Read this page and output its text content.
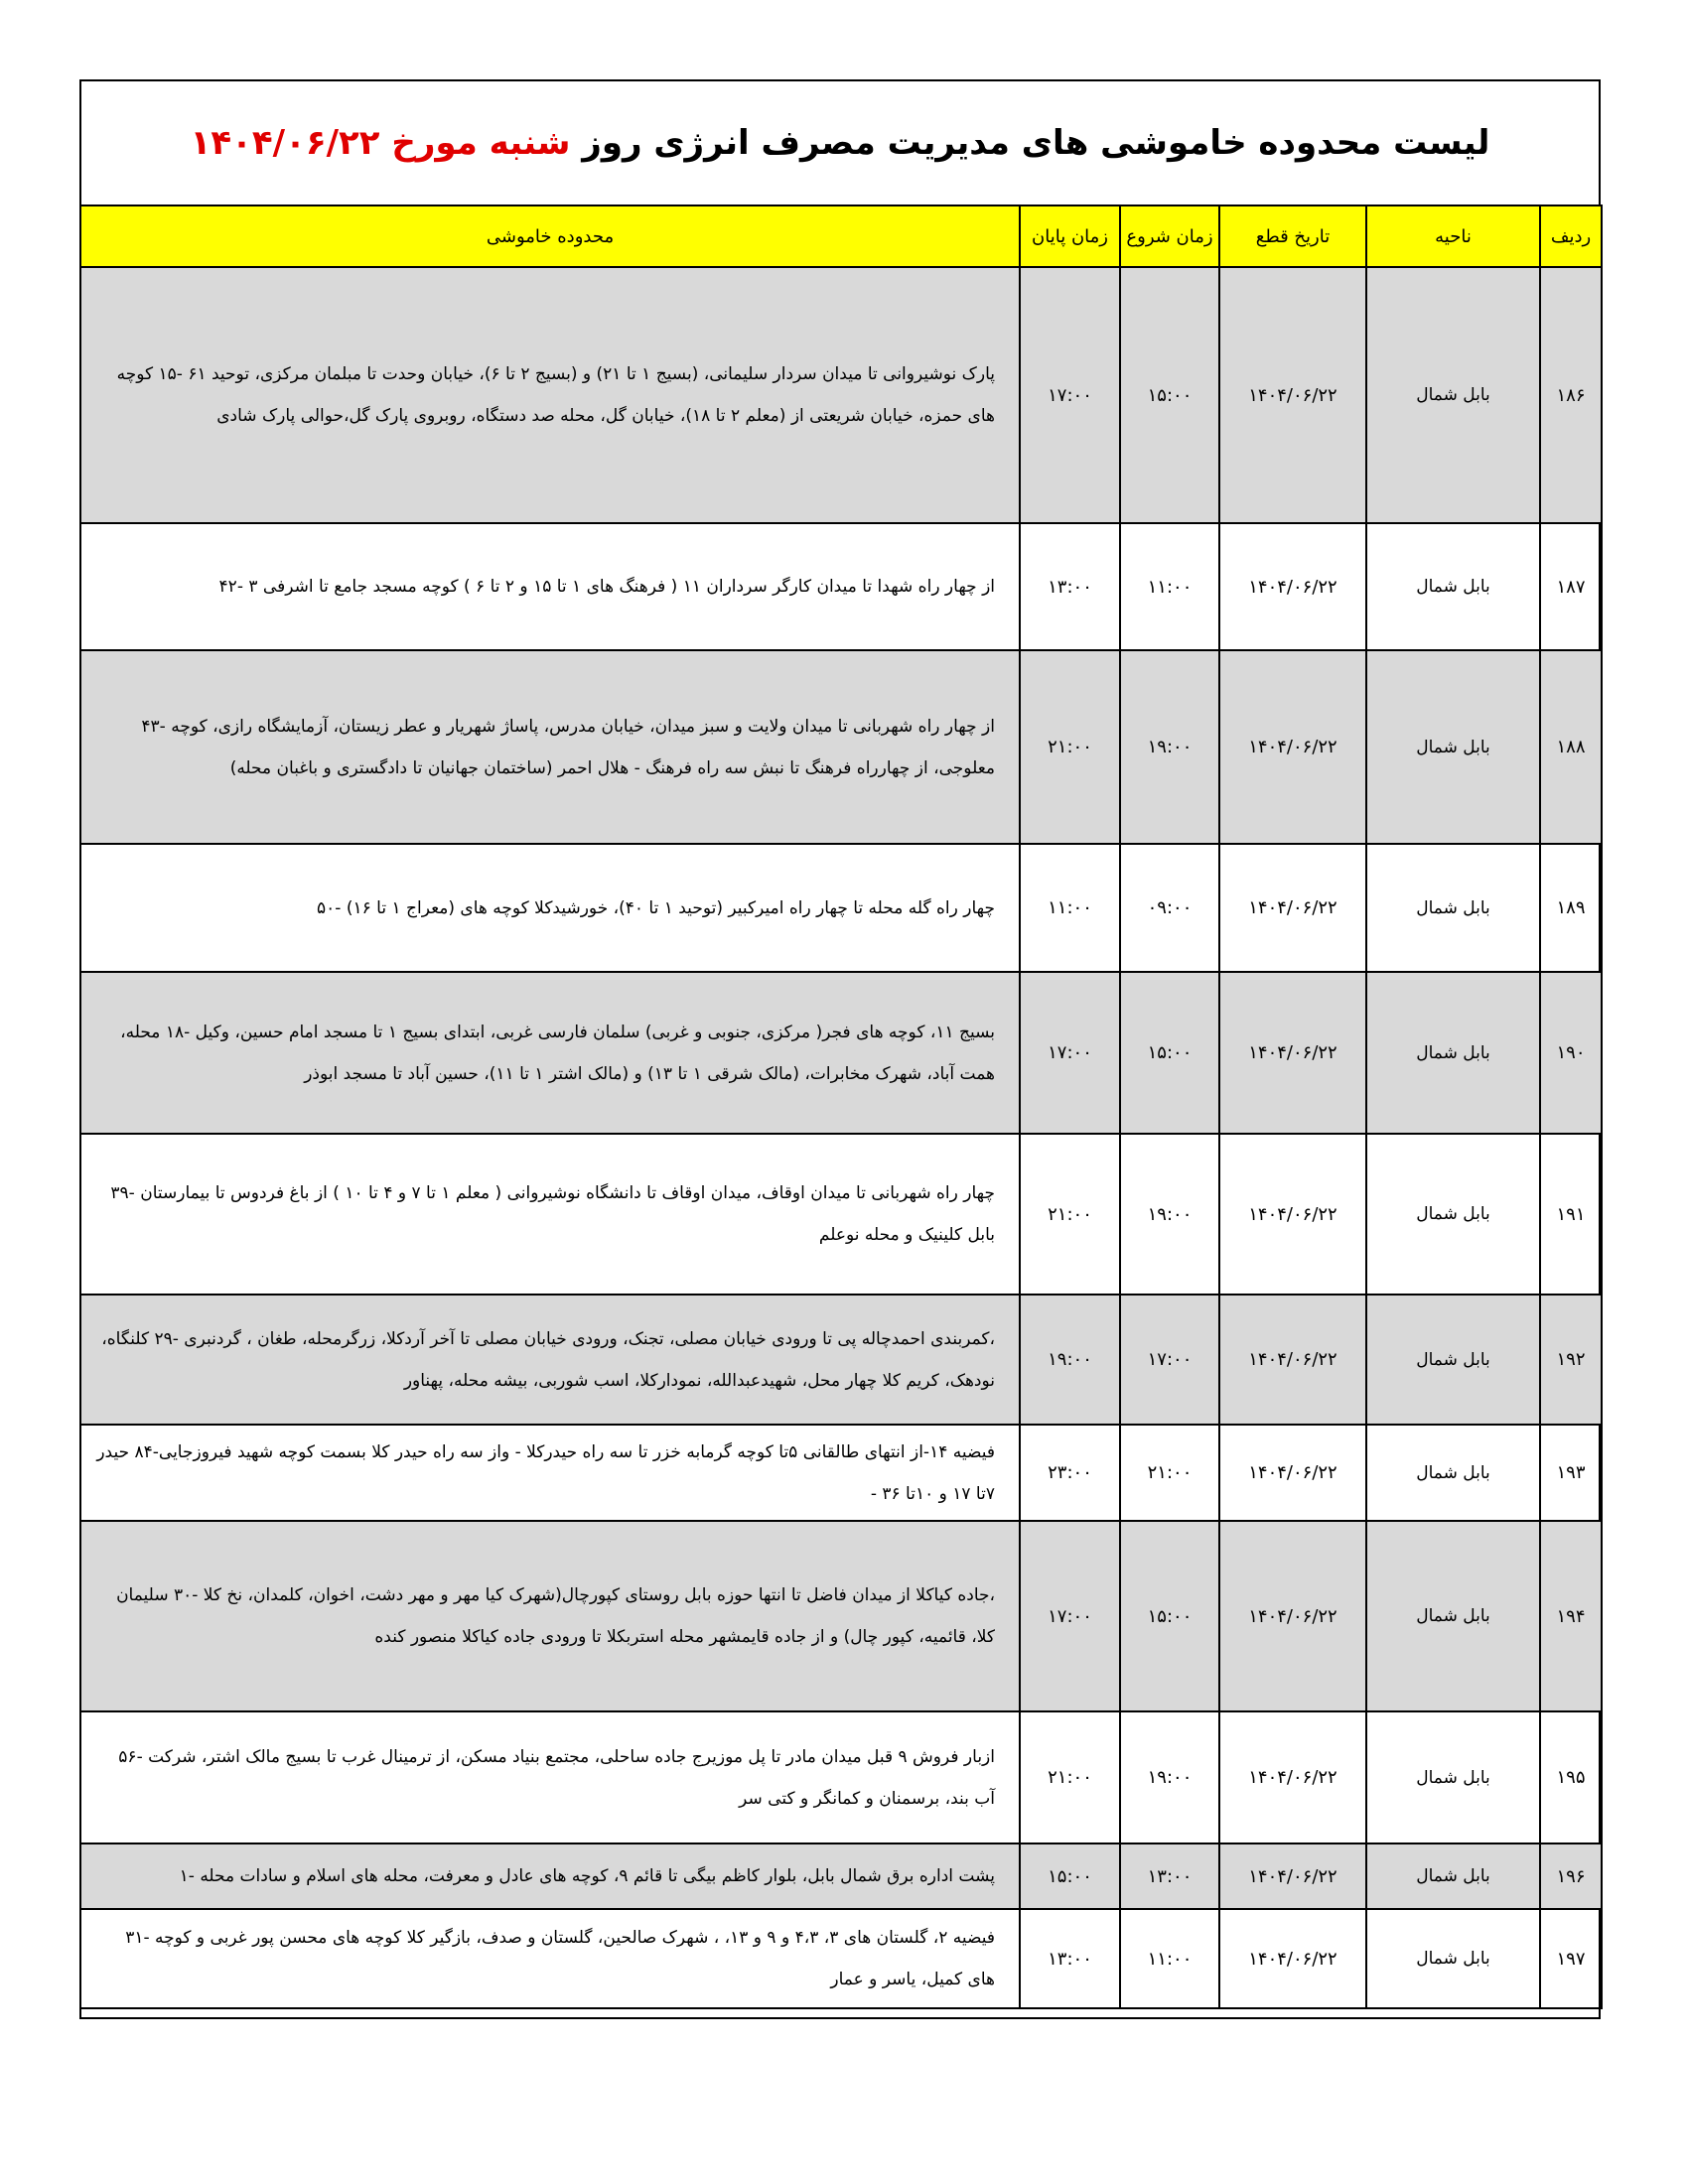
لیست محدوده خاموشی های مدیریت مصرف انرژی روز شنبه مورخ ۱۴۰۴/۰۶/۲۲
ردیف	ناحیه	تاریخ قطع	زمان شروع	زمان پایان	محدوده خاموشی
۱۸۶	بابل شمال	۱۴۰۴/۰۶/۲۲	۱۵:۰۰	۱۷:۰۰	پارک نوشیروانی تا میدان سردار سلیمانی، (بسیج ۱ تا ۲۱) و (بسیج ۲ تا ۶)، خیابان وحدت تا مبلمان مرکزی، توحید ۶۱ -۱۵ کوچه های حمزه، خیابان شریعتی از (معلم ۲ تا ۱۸)، خیابان گل، محله صد دستگاه، روبروی پارک گل،حوالی پارک شادی
۱۸۷	بابل شمال	۱۴۰۴/۰۶/۲۲	۱۱:۰۰	۱۳:۰۰	از چهار راه شهدا تا میدان کارگر سرداران ۱۱ ( فرهنگ های ۱ تا ۱۵ و ۲ تا ۶ ) کوچه مسجد جامع تا اشرفی ۳ -۴۲
۱۸۸	بابل شمال	۱۴۰۴/۰۶/۲۲	۱۹:۰۰	۲۱:۰۰	از چهار راه شهربانی تا میدان ولایت و سبز میدان، خیابان مدرس، پاساژ شهریار و عطر زیستان، آزمایشگاه رازی، کوچه -۴۳ معلوجی، از چهارراه فرهنگ تا نبش سه راه فرهنگ - هلال احمر (ساختمان جهانیان تا دادگستری و باغبان محله)
۱۸۹	بابل شمال	۱۴۰۴/۰۶/۲۲	۰۹:۰۰	۱۱:۰۰	چهار راه گله محله تا چهار راه امیرکبیر (توحید ۱ تا ۴۰)، خورشیدکلا کوچه های (معراج ۱ تا ۱۶) -۵۰
۱۹۰	بابل شمال	۱۴۰۴/۰۶/۲۲	۱۵:۰۰	۱۷:۰۰	بسیج ۱۱، کوچه های فجر( مرکزی، جنوبی و غربی) سلمان فارسی غربی، ابتدای بسیج ۱ تا مسجد امام حسین، وکیل -۱۸ محله، همت آباد، شهرک مخابرات، (مالک شرقی ۱ تا ۱۳) و (مالک اشتر ۱ تا ۱۱)، حسین آباد تا مسجد ابوذر
۱۹۱	بابل شمال	۱۴۰۴/۰۶/۲۲	۱۹:۰۰	۲۱:۰۰	چهار راه شهربانی تا میدان اوقاف، میدان اوقاف تا دانشگاه نوشیروانی ( معلم ۱ تا ۷ و ۴ تا ۱۰ ) از باغ فردوس تا بیمارستان -۳۹ بابل کلینیک و محله نوعلم
۱۹۲	بابل شمال	۱۴۰۴/۰۶/۲۲	۱۷:۰۰	۱۹:۰۰	،کمربندی احمدچاله پی تا ورودی خیابان مصلی، تجنک، ورودی خیابان مصلی تا آخر آردکلا، زرگرمحله، طغان ، گردنبری -۲۹ کلنگاه، نودهک، کریم کلا چهار محل، شهیدعبدالله، نمودارکلا، اسب شوربی، بیشه محله، پهناور
۱۹۳	بابل شمال	۱۴۰۴/۰۶/۲۲	۲۱:۰۰	۲۳:۰۰	فیضیه ۱۴-از انتهای طالقانی ۵تا کوچه گرمابه خزر تا سه راه حیدرکلا - واز سه راه حیدر کلا بسمت کوچه شهید فیروزجایی-۸۴ حیدر ۷تا ۱۷ و ۱۰تا ۳۶ -
۱۹۴	بابل شمال	۱۴۰۴/۰۶/۲۲	۱۵:۰۰	۱۷:۰۰	،جاده کیاکلا از میدان فاضل تا انتها حوزه بابل روستای کپورچال(شهرک کیا مهر و مهر دشت، اخوان، کلمدان، نخ کلا -۳۰ سلیمان کلا، قائمیه، کپور چال) و از جاده قایمشهر محله استربکلا تا ورودی جاده کیاکلا منصور کنده
۱۹۵	بابل شمال	۱۴۰۴/۰۶/۲۲	۱۹:۰۰	۲۱:۰۰	ازبار فروش ۹ قبل میدان مادر تا پل موزیرج جاده ساحلی، مجتمع بنیاد مسکن، از ترمینال غرب تا بسیج مالک اشتر، شرکت -۵۶ آب بند، برسمنان و کمانگر و کتی سر
۱۹۶	بابل شمال	۱۴۰۴/۰۶/۲۲	۱۳:۰۰	۱۵:۰۰	پشت اداره برق شمال بابل، بلوار کاظم بیگی تا قائم ۹، کوچه های عادل و معرفت، محله های اسلام و سادات محله -۱
۱۹۷	بابل شمال	۱۴۰۴/۰۶/۲۲	۱۱:۰۰	۱۳:۰۰	فیضیه ۲، گلستان های ۳، ۴،۳ و ۹ و ۱۳، ، شهرک صالحین، گلستان و صدف، بازگیر کلا کوچه های محسن پور غربی و کوچه -۳۱ های کمیل، یاسر و عمار
